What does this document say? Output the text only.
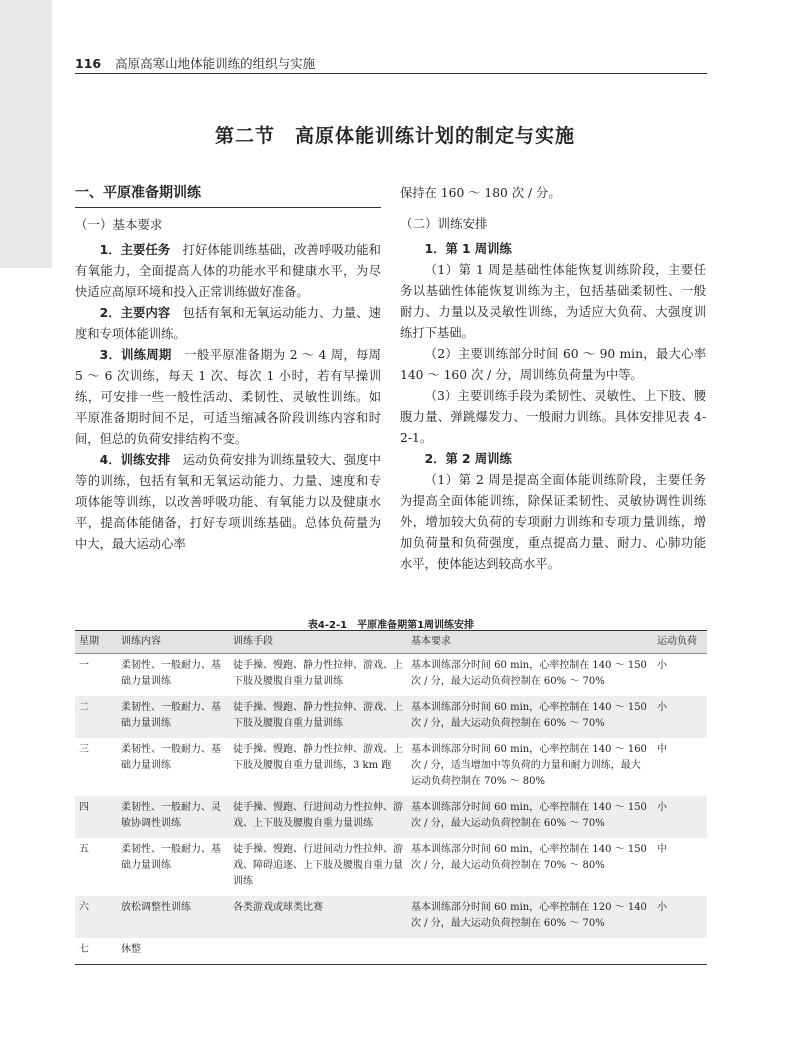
116 高原高寒山地体能训练的组织与实施
第二节　高原体能训练计划的制定与实施
一、平原准备期训练
（一）基本要求
1．主要任务　 打好体能训练基础，改善呼吸功能和有氧能力，全面提高人体的功能水平和健康水平，为尽快适应高原环境和投入正常训练做好准备。
2．主要内容　 包括有氧和无氧运动能力、力量、速度和专项体能训练。
3．训练周期　 一般平原准备期为 2 ～ 4 周，每周 5 ～ 6 次训练，每天 1 次、每次 1 小时，若有早操训练，可安排一些一般性活动、柔韧性、灵敏性训练。如平原准备期时间不足，可适当缩减各阶段训练内容和时间，但总的负荷安排结构不变。
4．训练安排　 运动负荷安排为训练量较大、强度中等的训练，包括有氧和无氧运动能力、力量、速度和专项体能等训练，以改善呼吸功能、有氧能力以及健康水平，提高体能储备，打好专项训练基础。总体负荷量为中大，最大运动心率
保持在 160 ～ 180 次 / 分。
（二）训练安排
1．第 1 周训练
（1）第 1 周是基础性体能恢复训练阶段，主要任务以基础性体能恢复训练为主，包括基础柔韧性、一般耐力、力量以及灵敏性训练，为适应大负荷、大强度训练打下基础。
（2）主要训练部分时间 60 ～ 90 min，最大心率 140 ～ 160 次 / 分，周训练负荷量为中等。
（3）主要训练手段为柔韧性、灵敏性、上下肢、腰腹力量、弹跳爆发力、一般耐力训练。具体安排见表 4-2-1。
2．第 2 周训练
（1）第 2 周是提高全面体能训练阶段，主要任务为提高全面体能训练，除保证柔韧性、灵敏协调性训练外，增加较大负荷的专项耐力训练和专项力量训练，增加负荷量和负荷强度，重点提高力量、耐力、心肺功能水平，使体能达到较高水平。
表4-2-1　平原准备期第1周训练安排
星期	训练内容	训练手段	基本要求	运动负荷
一	柔韧性、一般耐力、基础力量训练	徒手操、慢跑、静力性拉伸、游戏、上下肢及腰腹自重力量训练	基本训练部分时间 60 min，心率控制在 140 ～ 150 次 / 分，最大运动负荷控制在 60% ～ 70%	小
二	柔韧性、一般耐力、基础力量训练	徒手操、慢跑、静力性拉伸、游戏、上下肢及腰腹自重力量训练	基本训练部分时间 60 min，心率控制在 140 ～ 150 次 / 分，最大运动负荷控制在 60% ～ 70%	小
三	柔韧性、一般耐力、基础力量训练	徒手操、慢跑、静力性拉伸、游戏、上下肢及腰腹自重力量训练，3 km 跑	基本训练部分时间 60 min，心率控制在 140 ～ 160 次 / 分，适当增加中等负荷的力量和耐力训练，最大运动负荷控制在 70% ～ 80%	中
四	柔韧性、一般耐力、灵敏协调性训练	徒手操、慢跑、行进间动力性拉伸、游戏、上下肢及腰腹自重力量训练	基本训练部分时间 60 min，心率控制在 140 ～ 150 次 / 分，最大运动负荷控制在 60% ～ 70%	小
五	柔韧性、一般耐力、基础力量训练	徒手操、慢跑、行进间动力性拉伸、游戏、障碍追逐、上下肢及腰腹自重力量训练	基本训练部分时间 60 min，心率控制在 140 ～ 150 次 / 分，最大运动负荷控制在 70% ～ 80%	中
六	放松调整性训练	各类游戏或球类比赛	基本训练部分时间 60 min，心率控制在 120 ～ 140 次 / 分，最大运动负荷控制在 60% ～ 70%	小
七	休整			
